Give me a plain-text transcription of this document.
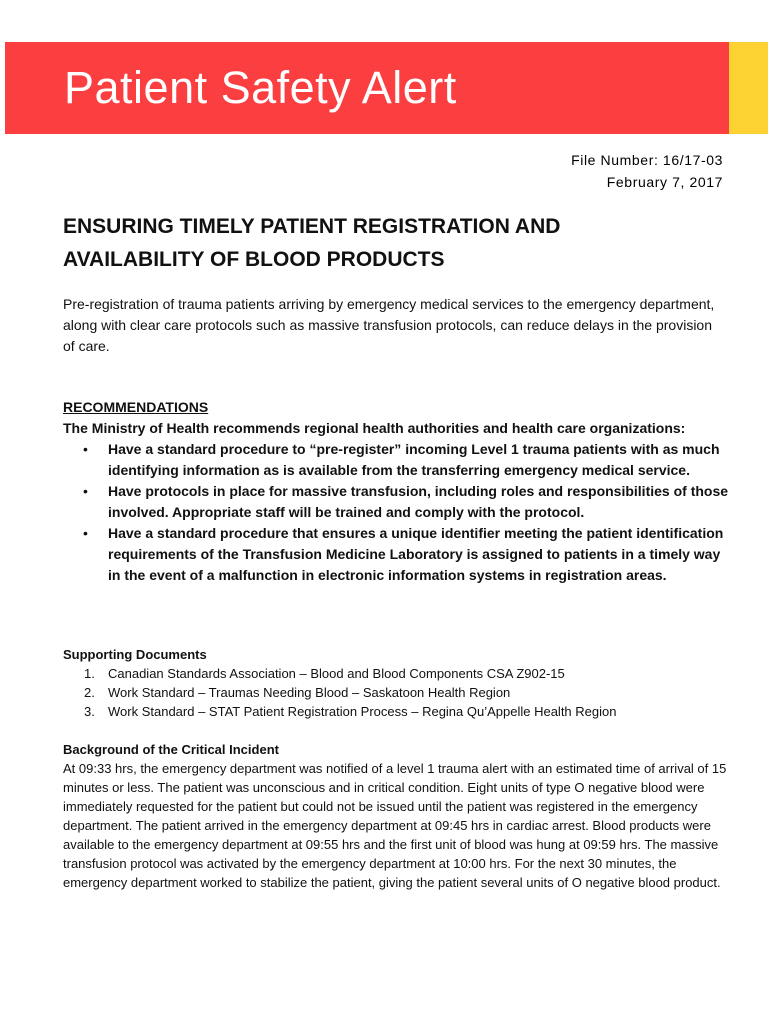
Patient Safety Alert
File Number: 16/17-03
February 7, 2017
ENSURING TIMELY PATIENT REGISTRATION AND
AVAILABILITY OF BLOOD PRODUCTS

Pre-registration of trauma patients arriving by emergency medical services to the emergency department, along with clear care protocols such as massive transfusion protocols, can reduce delays in the provision of care.

RECOMMENDATIONS
The Ministry of Health recommends regional health authorities and health care organizations:
• Have a standard procedure to “pre-register” incoming Level 1 trauma patients with as much identifying information as is available from the transferring emergency medical service.
• Have protocols in place for massive transfusion, including roles and responsibilities of those involved. Appropriate staff will be trained and comply with the protocol.
• Have a standard procedure that ensures a unique identifier meeting the patient identification requirements of the Transfusion Medicine Laboratory is assigned to patients in a timely way in the event of a malfunction in electronic information systems in registration areas.
Supporting Documents
1. Canadian Standards Association – Blood and Blood Components CSA Z902-15
2. Work Standard – Traumas Needing Blood – Saskatoon Health Region
3. Work Standard – STAT Patient Registration Process – Regina Qu’Appelle Health Region
Background of the Critical Incident

At 09:33 hrs, the emergency department was notified of a level 1 trauma alert with an estimated time of arrival of 15 minutes or less. The patient was unconscious and in critical condition. Eight units of type O negative blood were immediately requested for the patient but could not be issued until the patient was registered in the emergency department. The patient arrived in the emergency department at 09:45 hrs in cardiac arrest. Blood products were available to the emergency department at 09:55 hrs and the first unit of blood was hung at 09:59 hrs. The massive transfusion protocol was activated by the emergency department at 10:00 hrs. For the next 30 minutes, the emergency department worked to stabilize the patient, giving the patient several units of O negative blood product.
